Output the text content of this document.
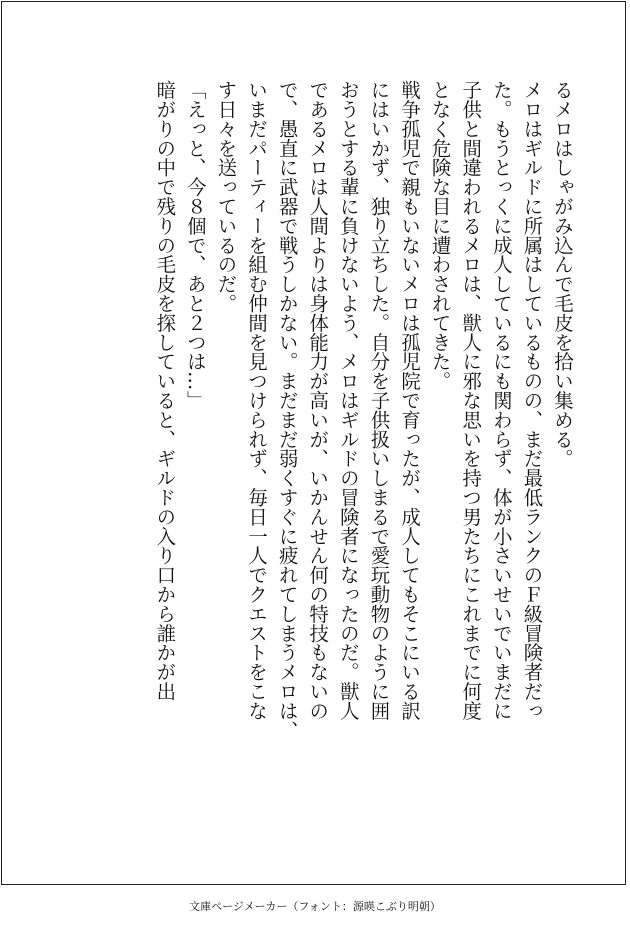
るメロはしゃがみ込んで毛皮を拾い集める。
メロはギルドに所属はしているものの、まだ最低ランクのＦ級冒険者だっ
た。もうとっくに成人しているにも関わらず、体が小さいせいでいまだに
子供と間違われるメロは、獣人に邪な思いを持つ男たちにこれまでに何度
となく危険な目に遭わされてきた。
戦争孤児で親もいないメロは孤児院で育ったが、成人してもそこにいる訳
にはいかず、独り立ちした。自分を子供扱いしまるで愛玩動物のように囲
おうとする輩に負けないよう、メロはギルドの冒険者になったのだ。獣人
であるメロは人間よりは身体能力が高いが、いかんせん何の特技もないの
で、愚直に武器で戦うしかない。まだまだ弱くすぐに疲れてしまうメロは、
いまだパーティーを組む仲間を見つけられず、毎日一人でクエストをこな
す日々を送っているのだ。
「えっと、今８個で、あと２つは…」
暗がりの中で残りの毛皮を探していると、ギルドの入り口から誰かが出
文庫ページメーカー（フォント：源暎こぶり明朝）
